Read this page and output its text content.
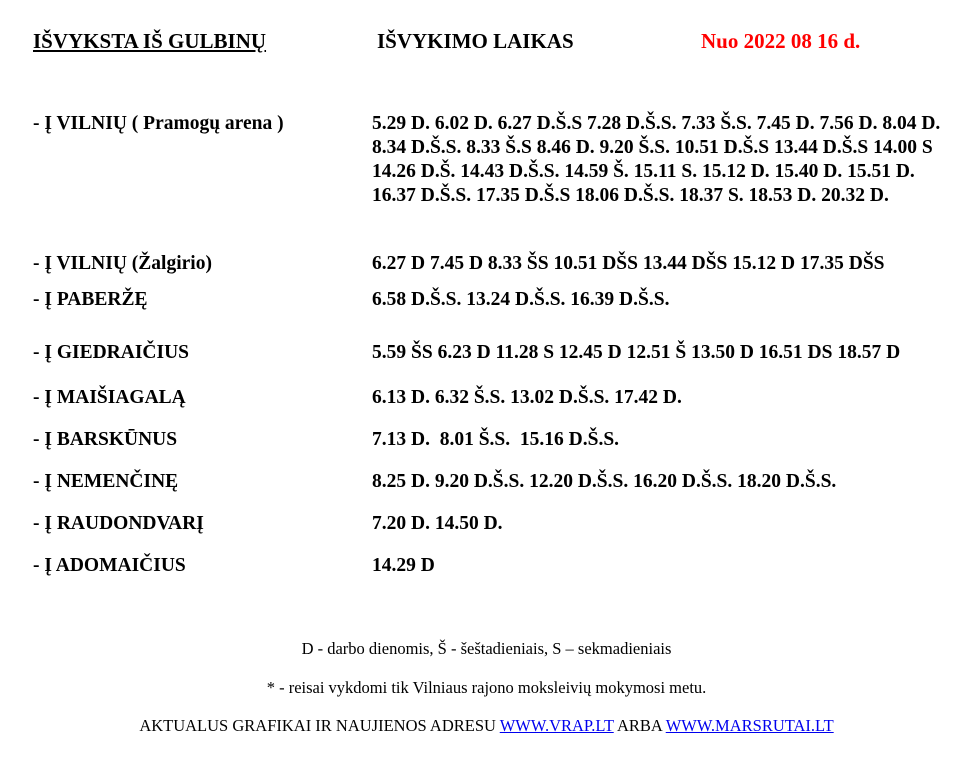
IŠVYKSTA IŠ GULBINŲ	IŠVYKIMO LAIKAS	Nuo 2022 08 16 d.
- Į VILNIŲ ( Pramogų arena )	5.29 D. 6.02 D. 6.27 D.Š.S 7.28 D.Š.S. 7.33 Š.S. 7.45 D. 7.56 D. 8.04 D. 8.34 D.Š.S. 8.33 Š.S 8.46 D. 9.20 Š.S. 10.51 D.Š.S 13.44 D.Š.S 14.00 S 14.26 D.Š. 14.43 D.Š.S. 14.59 Š. 15.11 S. 15.12 D. 15.40 D. 15.51 D. 16.37 D.Š.S. 17.35 D.Š.S 18.06 D.Š.S. 18.37 S. 18.53 D. 20.32 D.
- Į VILNIŲ (Žalgirio)	6.27 D 7.45 D 8.33 ŠS 10.51 DŠS 13.44 DŠS 15.12 D 17.35 DŠS
- Į PABERŽĘ	6.58 D.Š.S. 13.24 D.Š.S. 16.39 D.Š.S.
- Į GIEDRAIČIUS	5.59 ŠS 6.23 D 11.28 S 12.45 D 12.51 Š 13.50 D 16.51 DS 18.57 D
- Į MAIŠIAGALĄ	6.13 D. 6.32 Š.S. 13.02 D.Š.S. 17.42 D.
- Į BARSKŪNUS	7.13 D.  8.01 Š.S.  15.16 D.Š.S.
- Į NEMENČINĘ	8.25 D. 9.20 D.Š.S. 12.20 D.Š.S. 16.20 D.Š.S. 18.20 D.Š.S.
- Į RAUDONDVARĮ	7.20 D. 14.50 D.
- Į ADOMAIČIUS	14.29 D
D - darbo dienomis, Š - šeštadieniais, S – sekmadieniais
* - reisai vykdomi tik Vilniaus rajono moksleivių mokymosi metu.
AKTUALUS GRAFIKAI IR NAUJIENOS ADRESU WWW.VRAP.LT ARBA WWW.MARSRUTAI.LT
